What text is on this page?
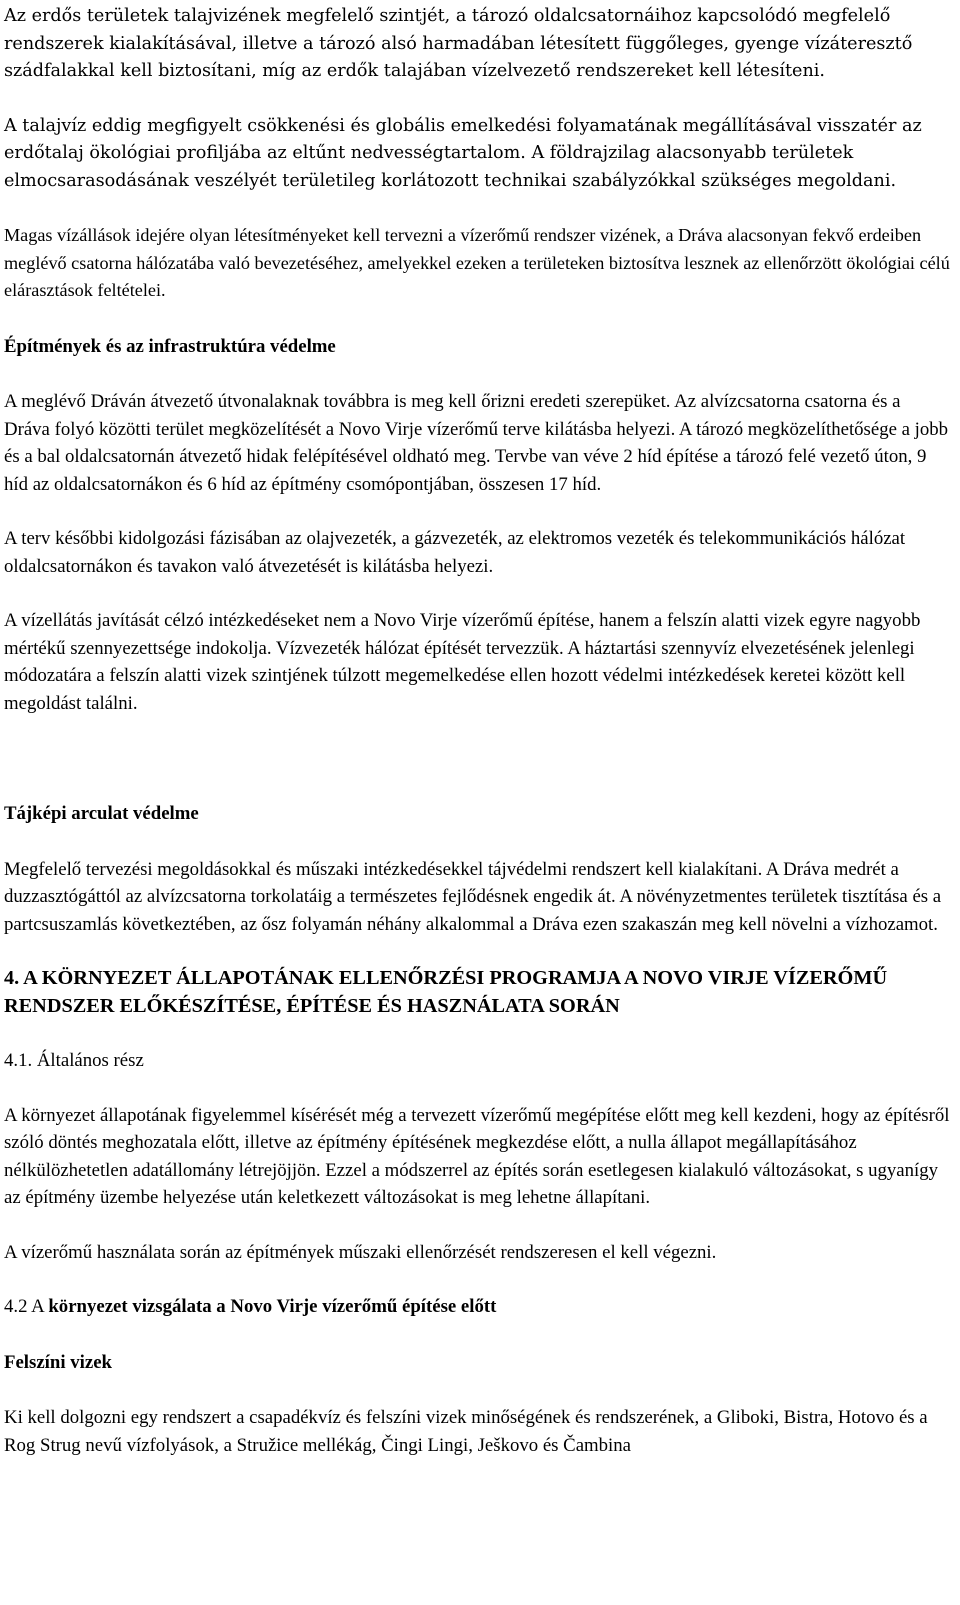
Az erdős területek talajvizének megfelelő szintjét, a tározó oldalcsatornáihoz kapcsolódó megfelelő rendszerek kialakításával, illetve a tározó alsó harmadában létesített függőleges, gyenge vízáteresztő szádfalakkal kell biztosítani, míg az erdők talajában vízelvezető rendszereket kell létesíteni.

A talajvíz eddig megfigyelt csökkenési és globális emelkedési folyamatának megállításával visszatér az erdőtalaj ökológiai profiljába az eltűnt nedvességtartalom. A földrajzilag alacsonyabb területek elmocsarasodásának veszélyét területileg korlátozott technikai szabályzókkal szükséges megoldani.

Magas vízállások idejére olyan létesítményeket kell tervezni a vízerőmű rendszer vizének, a Dráva alacsonyan fekvő erdeiben meglévő csatorna hálózatába való bevezetéséhez, amelyekkel ezeken a területeken biztosítva lesznek az ellenőrzött ökológiai célú elárasztások feltételei.

Építmények és az infrastruktúra védelme

A meglévő Dráván átvezető útvonalaknak továbbra is meg kell őrizni eredeti szerepüket. Az alvízcsatorna csatorna és a Dráva folyó közötti terület megközelítését a Novo Virje vízerőmű terve kilátásba helyezi. A tározó megközelíthetősége a jobb és a bal oldalcsatornán átvezető hidak felépítésével oldható meg. Tervbe van véve 2 híd építése a tározó felé vezető úton, 9 híd az oldalcsatornákon és 6 híd az építmény csomópontjában, összesen 17 híd.

A terv későbbi kidolgozási fázisában az olajvezeték, a gázvezeték, az elektromos vezeték és telekommunikációs hálózat oldalcsatornákon és tavakon való átvezetését is kilátásba helyezi.

A vízellátás javítását célzó intézkedéseket nem a Novo Virje vízerőmű építése, hanem a felszín alatti vizek egyre nagyobb mértékű szennyezettsége indokolja. Vízvezeték hálózat építését tervezzük. A háztartási szennyvíz elvezetésének jelenlegi módozatára a felszín alatti vizek szintjének túlzott megemelkedése ellen hozott védelmi intézkedések keretei között kell megoldást találni.

Tájképi arculat védelme

Megfelelő tervezési megoldásokkal és műszaki intézkedésekkel tájvédelmi rendszert kell kialakítani. A Dráva medrét a duzzasztógáttól az alvízcsatorna torkolatáig a természetes fejlődésnek engedik át. A növényzetmentes területek tisztítása és a partcsuszamlás következtében, az ősz folyamán néhány alkalommal a Dráva ezen szakaszán meg kell növelni a vízhozamot.

4. A KÖRNYEZET ÁLLAPOTÁNAK ELLENŐRZÉSI PROGRAMJA A NOVO VIRJE VÍZERŐMŰ RENDSZER ELŐKÉSZÍTÉSE, ÉPÍTÉSE ÉS HASZNÁLATA SORÁN

4.1. Általános rész

A környezet állapotának figyelemmel kísérését még a tervezett vízerőmű megépítése előtt meg kell kezdeni, hogy az építésről szóló döntés meghozatala előtt, illetve az építmény építésének megkezdése előtt, a nulla állapot megállapításához nélkülözhetetlen adatállomány létrejöjjön. Ezzel a módszerrel az építés során esetlegesen kialakuló változásokat, s ugyanígy az építmény üzembe helyezése után keletkezett változásokat is meg lehetne állapítani.

A vízerőmű használata során az építmények műszaki ellenőrzését rendszeresen el kell végezni.

4.2 A környezet vizsgálata a Novo Virje vízerőmű építése előtt

Felszíni vizek

Ki kell dolgozni egy rendszert a csapadékvíz és felszíni vizek minőségének és rendszerének, a Gliboki, Bistra, Hotovo és a Rog Strug nevű vízfolyások, a Stružice mellékág, Čingi Lingi, Ješkovo és Čambina
